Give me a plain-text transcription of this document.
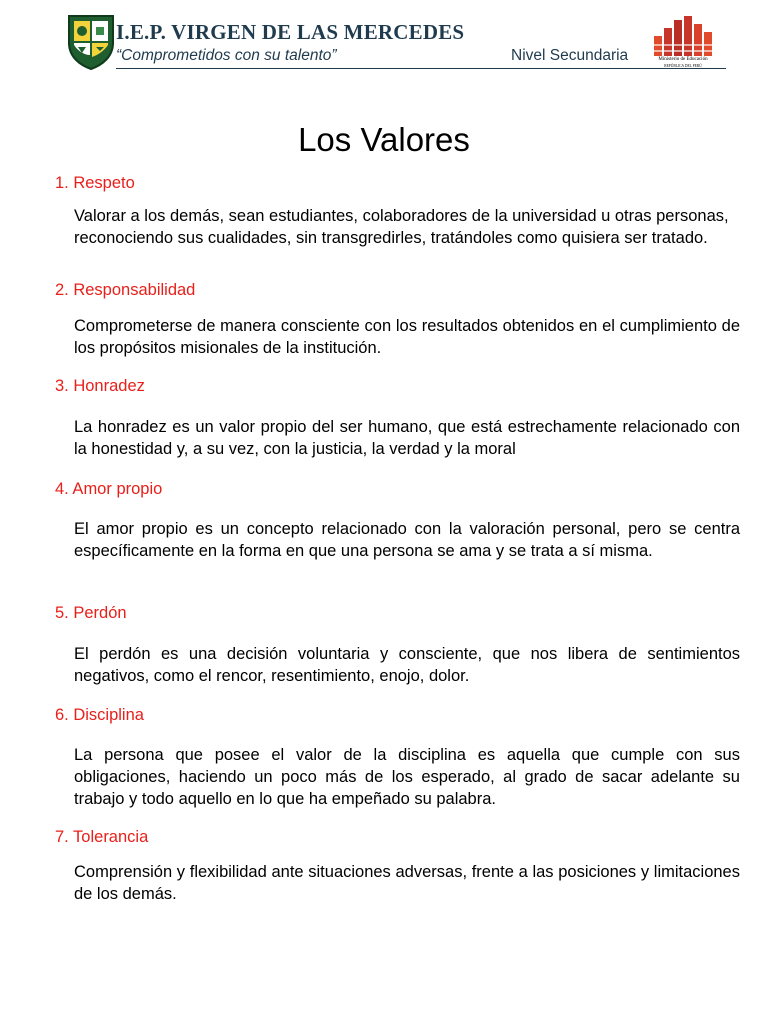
I.E.P. VIRGEN DE LAS MERCEDES
“Comprometidos con su talento”	Nivel Secundaria	Ministerio de Educación
REPÚBLICA DEL PERÚ
Los Valores
1. Respeto
Valorar a los demás, sean estudiantes, colaboradores de la universidad u otras personas, reconociendo sus cualidades, sin transgredirles, tratándoles como quisiera ser tratado.
2. Responsabilidad
Comprometerse de manera consciente con los resultados obtenidos en el cumplimiento de los propósitos misionales de la institución.
3. Honradez
La honradez es un valor propio del ser humano, que está estrechamente relacionado con la honestidad y, a su vez, con la justicia, la verdad y la moral
4. Amor propio
El amor propio es un concepto relacionado con la valoración personal, pero se centra específicamente en la forma en que una persona se ama y se trata a sí misma.
5. Perdón
El perdón es una decisión voluntaria y consciente, que nos libera de sentimientos negativos, como el rencor, resentimiento, enojo, dolor.
6. Disciplina
La persona que posee el valor de la disciplina es aquella que cumple con sus obligaciones, haciendo un poco más de los esperado, al grado de sacar adelante su trabajo y todo aquello en lo que ha empeñado su palabra.
7. Tolerancia
Comprensión y flexibilidad ante situaciones adversas, frente a las posiciones y limitaciones de los demás.
